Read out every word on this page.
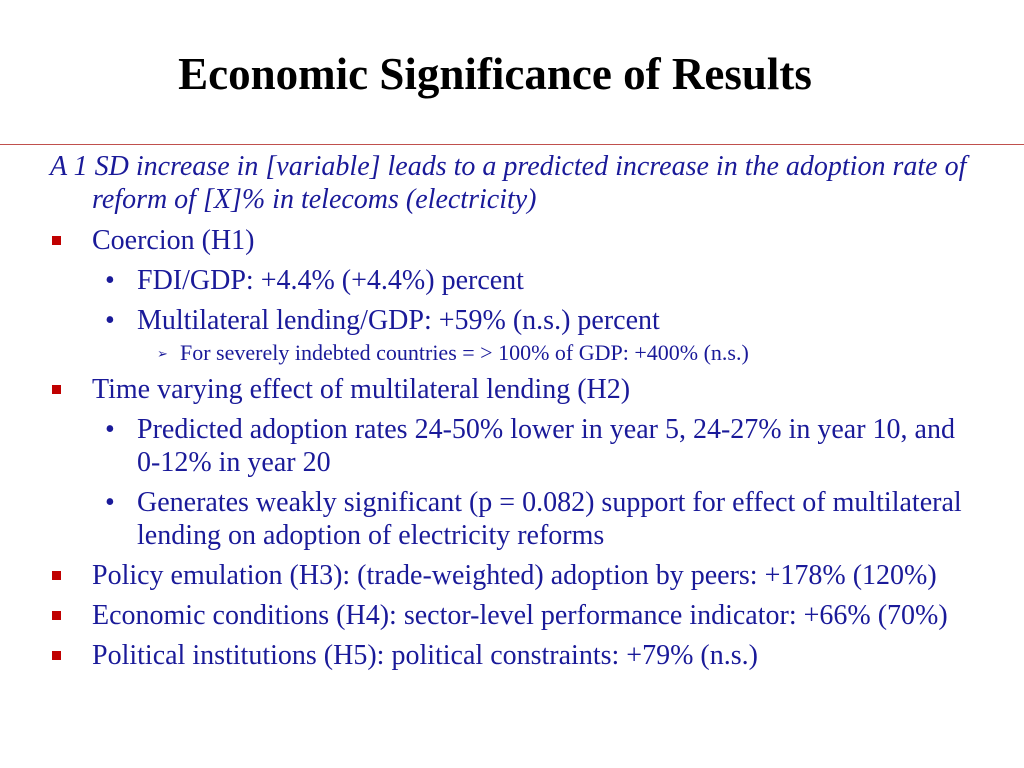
Economic Significance of Results

A 1 SD increase in [variable] leads to a predicted increase in the adoption rate of reform of [X]% in telecoms (electricity)

Coercion (H1)
• FDI/GDP: +4.4% (+4.4%) percent
• Multilateral lending/GDP: +59% (n.s.) percent
➢ For severely indebted countries = > 100% of GDP: +400% (n.s.)
Time varying effect of multilateral lending (H2)
• Predicted adoption rates 24-50% lower in year 5, 24-27% in year 10, and 0-12% in year 20
• Generates weakly significant (p = 0.082) support for effect of multilateral lending on adoption of electricity reforms
Policy emulation (H3): (trade-weighted) adoption by peers: +178% (120%)
Economic conditions (H4): sector-level performance indicator: +66% (70%)
Political institutions (H5): political constraints: +79% (n.s.)
